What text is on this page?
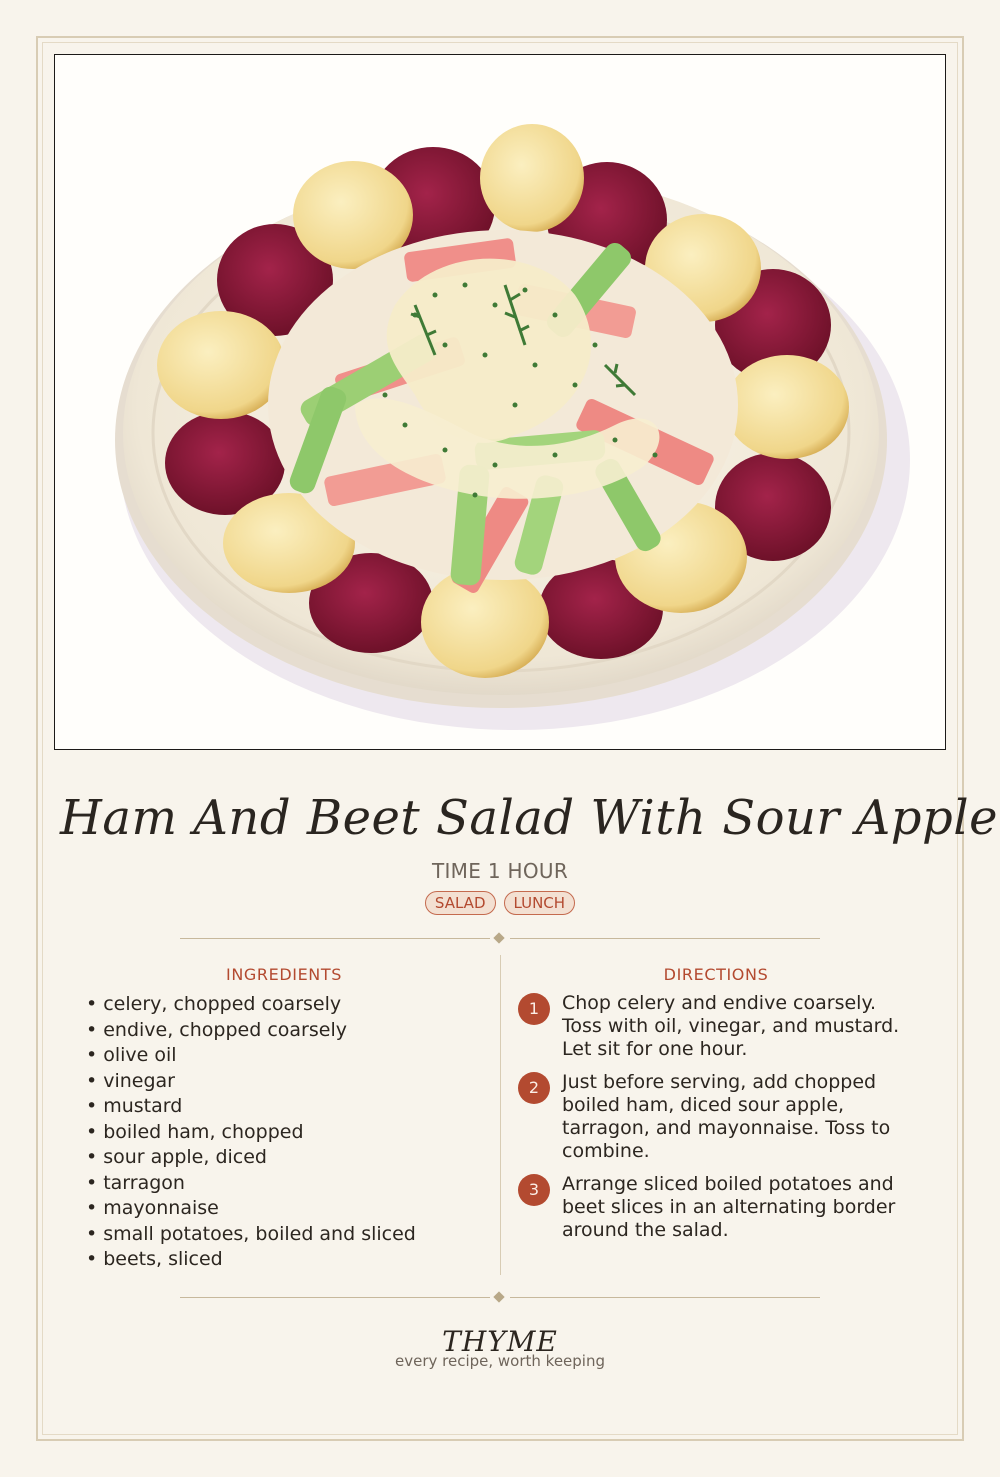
Ham And Beet Salad With Sour Apple
TIME 1 HOUR
SALAD	LUNCH
INGREDIENTS	DIRECTIONS
• celery, chopped coarsely
• endive, chopped coarsely
• olive oil
• vinegar
• mustard
• boiled ham, chopped
• sour apple, diced
• tarragon
• mayonnaise
• small potatoes, boiled and sliced
• beets, sliced
1	Chop celery and endive coarsely. Toss with oil, vinegar, and mustard. Let sit for one hour.
2	Just before serving, add chopped boiled ham, diced sour apple, tarragon, and mayonnaise. Toss to combine.
3	Arrange sliced boiled potatoes and beet slices in an alternating border around the salad.
THYME
every recipe, worth keeping
